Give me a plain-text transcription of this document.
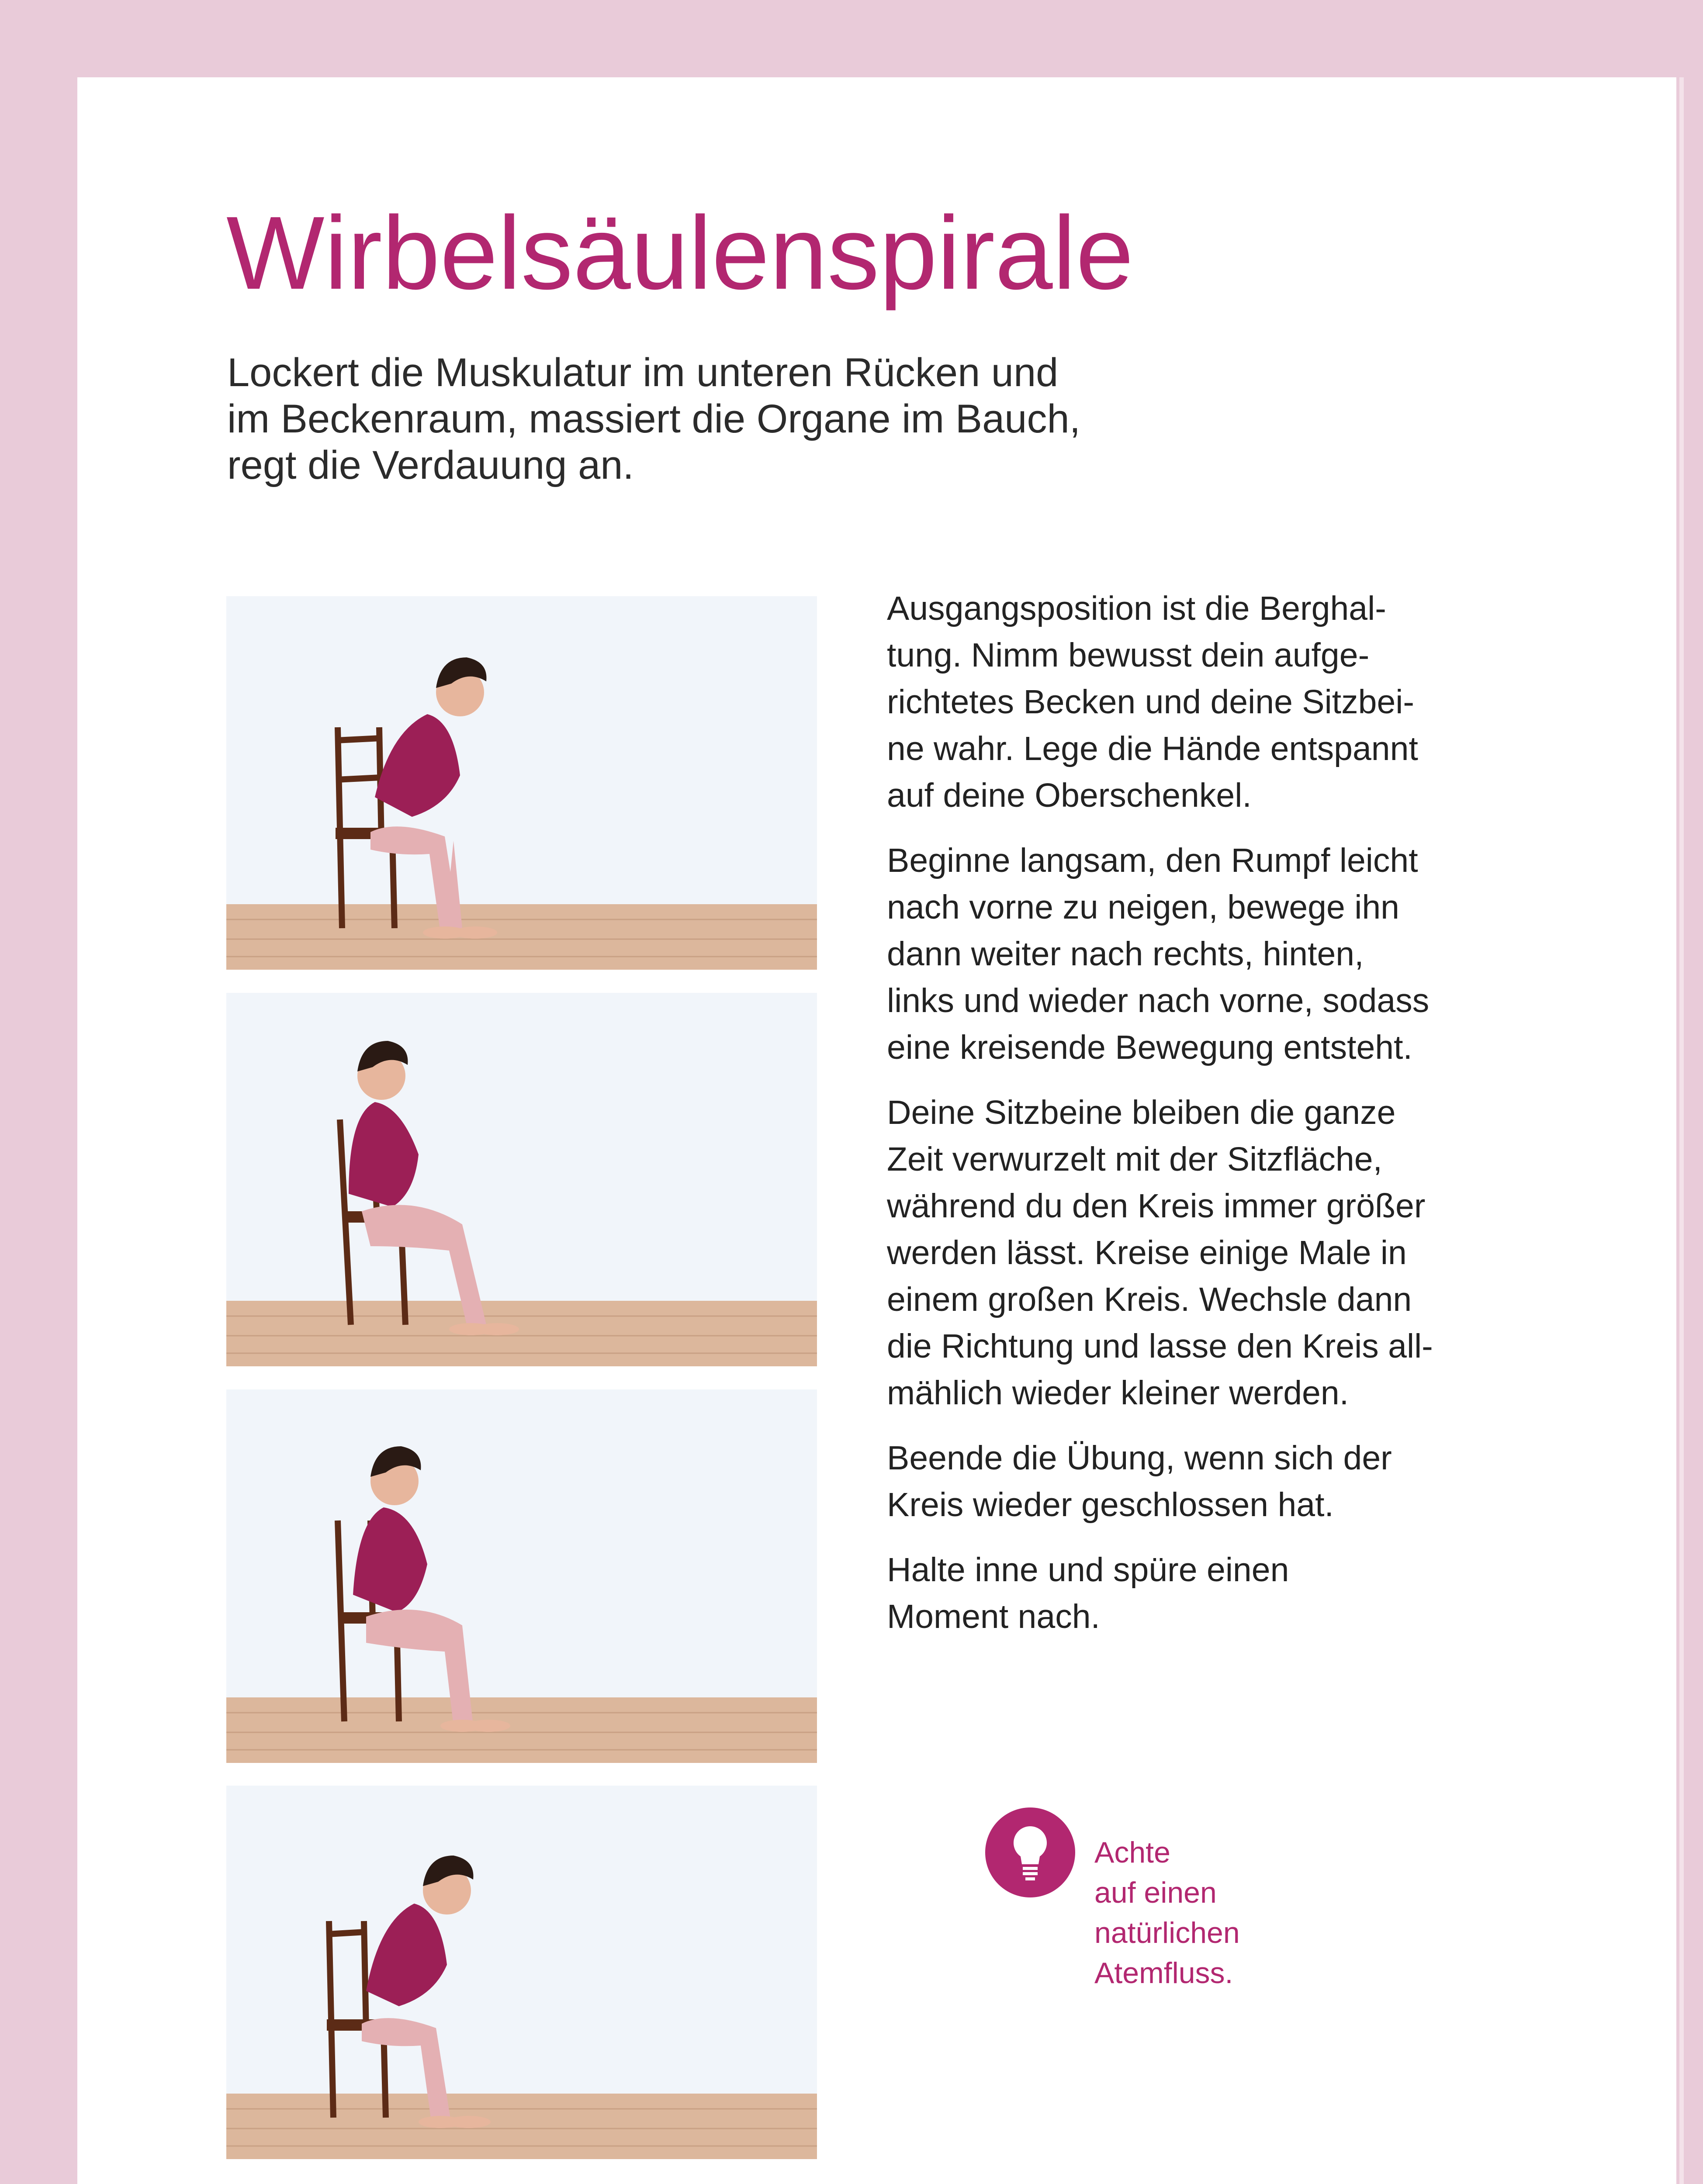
Wirbelsäulenspirale

Lockert die Muskulatur im unteren Rücken und
im Beckenraum, massiert die Organe im Bauch,
regt die Verdauung an.

Ausgangsposition ist die Berghal-
tung. Nimm bewusst dein aufge-
richtetes Becken und deine Sitzbei-
ne wahr. Lege die Hände entspannt
auf deine Oberschenkel.

Beginne langsam, den Rumpf leicht
nach vorne zu neigen, bewege ihn
dann weiter nach rechts, hinten,
links und wieder nach vorne, sodass
eine kreisende Bewegung entsteht.

Deine Sitzbeine bleiben die ganze
Zeit verwurzelt mit der Sitzfläche,
während du den Kreis immer größer
werden lässt. Kreise einige Male in
einem großen Kreis. Wechsle dann
die Richtung und lasse den Kreis all-
mählich wieder kleiner werden.

Beende die Übung, wenn sich der
Kreis wieder geschlossen hat.

Halte inne und spüre einen
Moment nach.

Achte
auf einen
natürlichen
Atemfluss.
